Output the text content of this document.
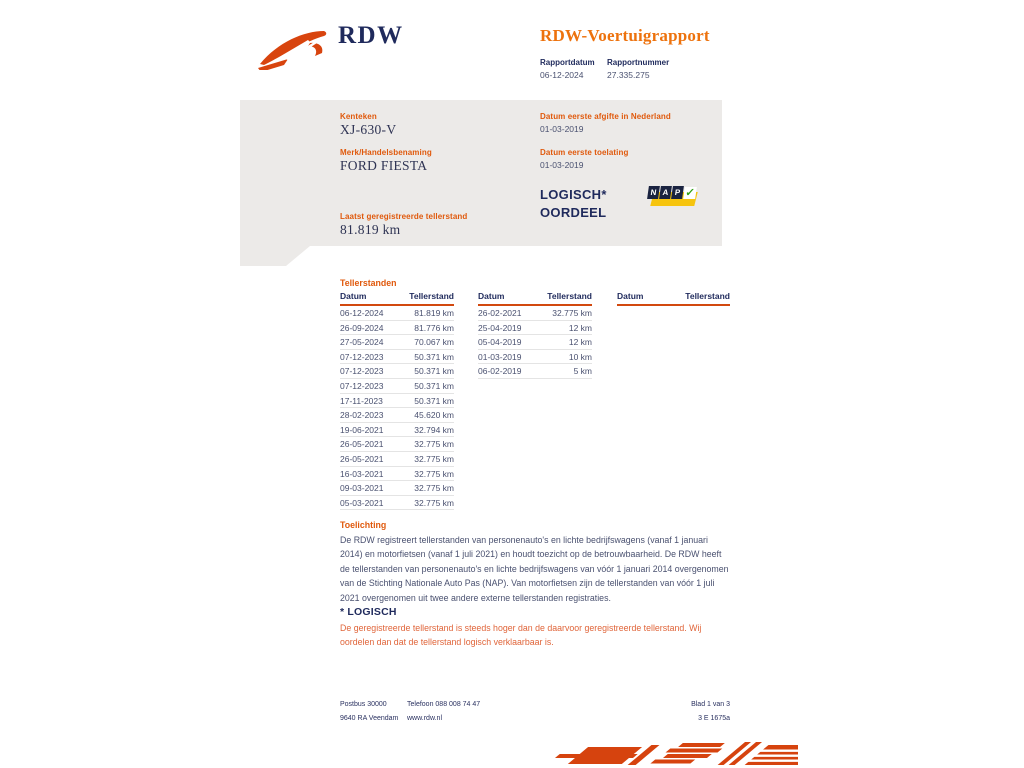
RDW	RDW-Voertuigrapport
Rapportdatum Rapportnummer
06-12-2024	27.335.275
Kenteken
XJ-630-V
Merk/Handelsbenaming
FORD FIESTA
Laatst geregistreerde tellerstand
81.819 km
Datum eerste afgifte in Nederland
01-03-2019
Datum eerste toelating
01-03-2019
LOGISCH*
OORDEEL
N A P ✓
Tellerstanden
Datum	Tellerstand
06-12-2024	81.819 km
26-09-2024	81.776 km
27-05-2024	70.067 km
07-12-2023	50.371 km
07-12-2023	50.371 km
07-12-2023	50.371 km
17-11-2023	50.371 km
28-02-2023	45.620 km
19-06-2021	32.794 km
26-05-2021	32.775 km
26-05-2021	32.775 km
16-03-2021	32.775 km
09-03-2021	32.775 km
05-03-2021	32.775 km
Datum	Tellerstand
26-02-2021	32.775 km
25-04-2019	12 km
05-04-2019	12 km
01-03-2019	10 km
06-02-2019	5 km
Datum	Tellerstand
Toelichting
De RDW registreert tellerstanden van personenauto's en lichte bedrijfswagens (vanaf 1 januari 2014) en motorfietsen (vanaf 1 juli 2021) en houdt toezicht op de betrouwbaarheid. De RDW heeft de tellerstanden van personenauto's en lichte bedrijfswagens van vóór 1 januari 2014 overgenomen van de Stichting Nationale Auto Pas (NAP). Van motorfietsen zijn de tellerstanden van vóór 1 juli 2021 overgenomen uit twee andere externe tellerstanden registraties.
* LOGISCH
De geregistreerde tellerstand is steeds hoger dan de daarvoor geregistreerde tellerstand. Wij oordelen dan dat de tellerstand logisch verklaarbaar is.
Postbus 30000
9640 RA Veendam
Telefoon 088 008 74 47
www.rdw.nl
Blad 1 van 3
3 E 1675a
